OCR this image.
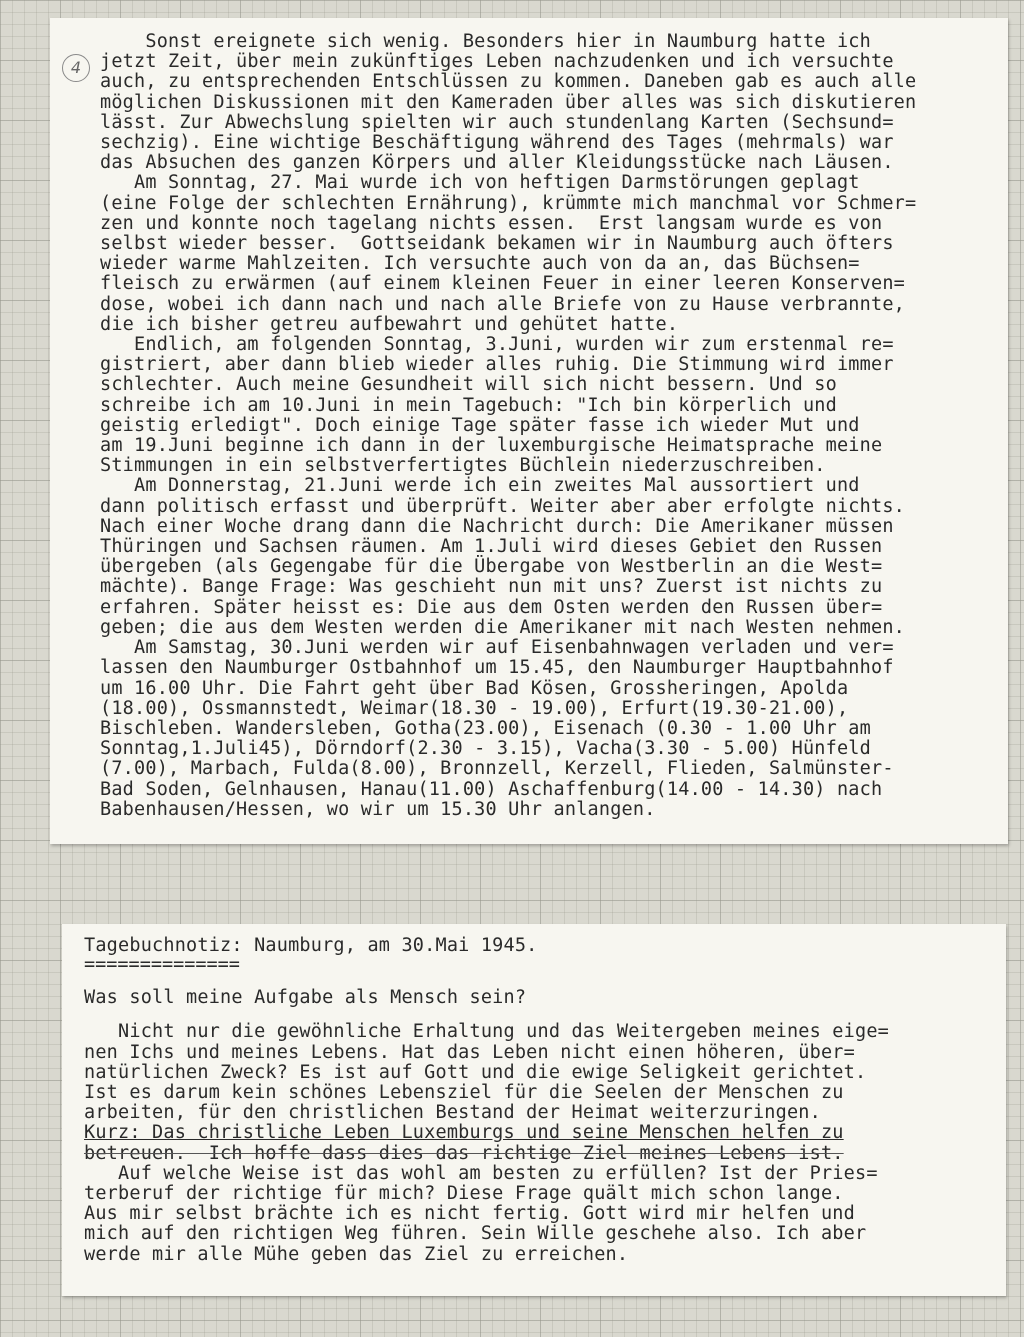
4

Sonst ereignete sich wenig. Besonders hier in Naumburg hatte ich
jetzt Zeit, über mein zukünftiges Leben nachzudenken und ich versuchte
auch, zu entsprechenden Entschlüssen zu kommen. Daneben gab es auch alle
möglichen Diskussionen mit den Kameraden über alles was sich diskutieren
lässt. Zur Abwechslung spielten wir auch stundenlang Karten (Sechsund=
sechzig). Eine wichtige Beschäftigung während des Tages (mehrmals) war
das Absuchen des ganzen Körpers und aller Kleidungsstücke nach Läusen.

Am Sonntag, 27. Mai wurde ich von heftigen Darmstörungen geplagt
(eine Folge der schlechten Ernährung), krümmte mich manchmal vor Schmer=
zen und konnte noch tagelang nichts essen.  Erst langsam wurde es von
selbst wieder besser.  Gottseidank bekamen wir in Naumburg auch öfters
wieder warme Mahlzeiten. Ich versuchte auch von da an, das Büchsen=
fleisch zu erwärmen (auf einem kleinen Feuer in einer leeren Konserven=
dose, wobei ich dann nach und nach alle Briefe von zu Hause verbrannte,
die ich bisher getreu aufbewahrt und gehütet hatte.

Endlich, am folgenden Sonntag, 3.Juni, wurden wir zum erstenmal re=
gistriert, aber dann blieb wieder alles ruhig. Die Stimmung wird immer
schlechter. Auch meine Gesundheit will sich nicht bessern. Und so
schreibe ich am 10.Juni in mein Tagebuch: "Ich bin körperlich und
geistig erledigt". Doch einige Tage später fasse ich wieder Mut und
am 19.Juni beginne ich dann in der luxemburgische Heimatsprache meine
Stimmungen in ein selbstverfertigtes Büchlein niederzuschreiben.

Am Donnerstag, 21.Juni werde ich ein zweites Mal aussortiert und
dann politisch erfasst und überprüft. Weiter aber aber erfolgte nichts.
Nach einer Woche drang dann die Nachricht durch: Die Amerikaner müssen
Thüringen und Sachsen räumen. Am 1.Juli wird dieses Gebiet den Russen
übergeben (als Gegengabe für die Übergabe von Westberlin an die West=
mächte). Bange Frage: Was geschieht nun mit uns? Zuerst ist nichts zu
erfahren. Später heisst es: Die aus dem Osten werden den Russen über=
geben; die aus dem Westen werden die Amerikaner mit nach Westen nehmen.

Am Samstag, 30.Juni werden wir auf Eisenbahnwagen verladen und ver=
lassen den Naumburger Ostbahnhof um 15.45, den Naumburger Hauptbahnhof
um 16.00 Uhr. Die Fahrt geht über Bad Kösen, Grossheringen, Apolda
(18.00), Ossmannstedt, Weimar(18.30 - 19.00), Erfurt(19.30-21.00),
Bischleben. Wandersleben, Gotha(23.00), Eisenach (0.30 - 1.00 Uhr am
Sonntag,1.Juli45), Dörndorf(2.30 - 3.15), Vacha(3.30 - 5.00) Hünfeld
(7.00), Marbach, Fulda(8.00), Bronnzell, Kerzell, Flieden, Salmünster-
Bad Soden, Gelnhausen, Hanau(11.00) Aschaffenburg(14.00 - 14.30) nach
Babenhausen/Hessen, wo wir um 15.30 Uhr anlangen.

Tagebuchnotiz: Naumburg, am 30.Mai 1945.

==============

Was soll meine Aufgabe als Mensch sein?

Nicht nur die gewöhnliche Erhaltung und das Weitergeben meines eige=
nen Ichs und meines Lebens. Hat das Leben nicht einen höheren, über=
natürlichen Zweck? Es ist auf Gott und die ewige Seligkeit gerichtet.
Ist es darum kein schönes Lebensziel für die Seelen der Menschen zu
arbeiten, für den christlichen Bestand der Heimat weiterzuringen.

Kurz: Das christliche Leben Luxemburgs und seine Menschen helfen zu

betreuen.  Ich hoffe dass dies das richtige Ziel meines Lebens ist.

Auf welche Weise ist das wohl am besten zu erfüllen? Ist der Pries=
terberuf der richtige für mich? Diese Frage quält mich schon lange.
Aus mir selbst brächte ich es nicht fertig. Gott wird mir helfen und
mich auf den richtigen Weg führen. Sein Wille geschehe also. Ich aber
werde mir alle Mühe geben das Ziel zu erreichen.
